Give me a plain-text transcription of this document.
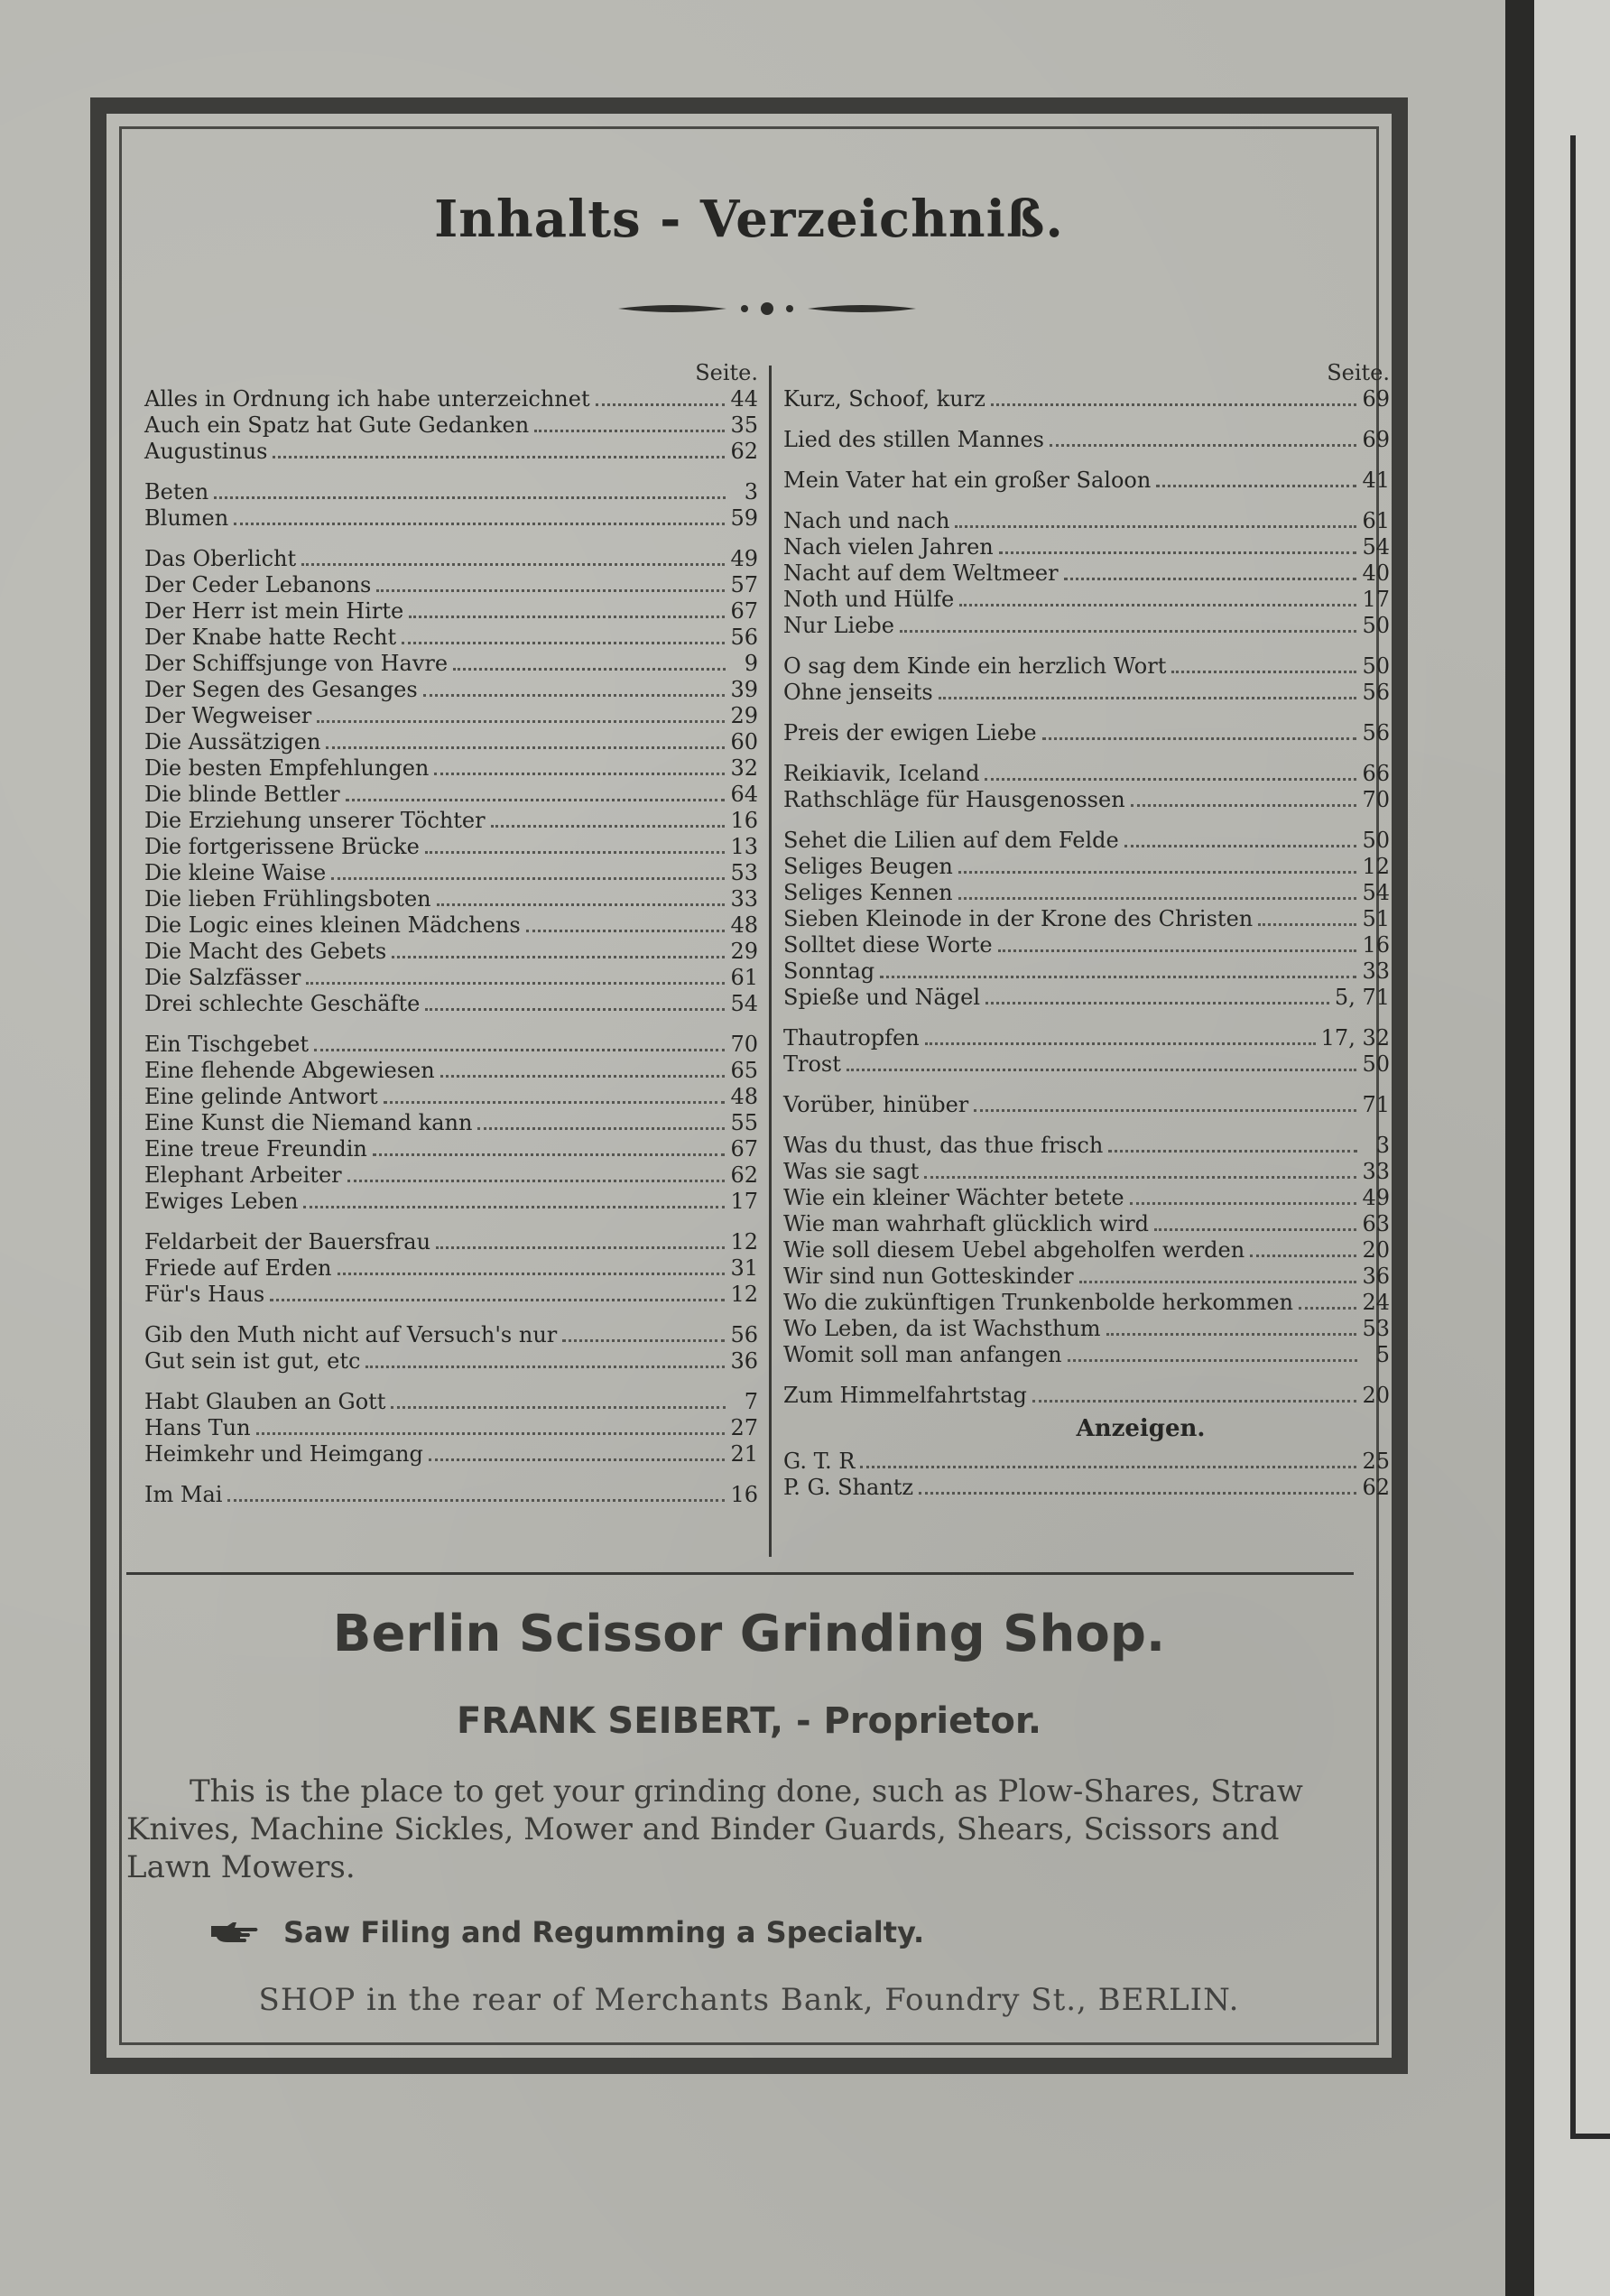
Inhalts - Verzeichniß.
Seite.
Alles in Ordnung ich habe unterzeichnet	44
Auch ein Spatz hat Gute Gedanken	35
Augustinus	62
Beten	3
Blumen	59
Das Oberlicht	49
Der Ceder Lebanons	57
Der Herr ist mein Hirte	67
Der Knabe hatte Recht	56
Der Schiffsjunge von Havre	9
Der Segen des Gesanges	39
Der Wegweiser	29
Die Aussätzigen	60
Die besten Empfehlungen	32
Die blinde Bettler	64
Die Erziehung unserer Töchter	16
Die fortgerissene Brücke	13
Die kleine Waise	53
Die lieben Frühlingsboten	33
Die Logic eines kleinen Mädchens	48
Die Macht des Gebets	29
Die Salzfässer	61
Drei schlechte Geschäfte	54
Ein Tischgebet	70
Eine flehende Abgewiesen	65
Eine gelinde Antwort	48
Eine Kunst die Niemand kann	55
Eine treue Freundin	67
Elephant Arbeiter	62
Ewiges Leben	17
Feldarbeit der Bauersfrau	12
Friede auf Erden	31
Für's Haus	12
Gib den Muth nicht auf Versuch's nur	56
Gut sein ist gut, etc	36
Habt Glauben an Gott	7
Hans Tun	27
Heimkehr und Heimgang	21
Im Mai	16
Seite.
Kurz, Schoof, kurz	69
Lied des stillen Mannes	69
Mein Vater hat ein großer Saloon	41
Nach und nach	61
Nach vielen Jahren	54
Nacht auf dem Weltmeer	40
Noth und Hülfe	17
Nur Liebe	50
O sag dem Kinde ein herzlich Wort	50
Ohne jenseits	56
Preis der ewigen Liebe	56
Reikiavik, Iceland	66
Rathschläge für Hausgenossen	70
Sehet die Lilien auf dem Felde	50
Seliges Beugen	12
Seliges Kennen	54
Sieben Kleinode in der Krone des Christen	51
Solltet diese Worte	16
Sonntag	33
Spieße und Nägel	5, 71
Thautropfen	17, 32
Trost	50
Vorüber, hinüber	71
Was du thust, das thue frisch	3
Was sie sagt	33
Wie ein kleiner Wächter betete	49
Wie man wahrhaft glücklich wird	63
Wie soll diesem Uebel abgeholfen werden	20
Wir sind nun Gotteskinder	36
Wo die zukünftigen Trunkenbolde herkommen	24
Wo Leben, da ist Wachsthum	53
Womit soll man anfangen	5
Zum Himmelfahrtstag	20
Anzeigen.
G. T. R	25
P. G. Shantz	62
Berlin Scissor Grinding Shop.
FRANK SEIBERT, - Proprietor.
This is the place to get your grinding done, such as Plow-Shares, Straw Knives, Machine Sickles, Mower and Binder Guards, Shears, Scissors and Lawn Mowers.
Saw Filing and Regumming a Specialty.
SHOP in the rear of Merchants Bank, Foundry St., BERLIN.
